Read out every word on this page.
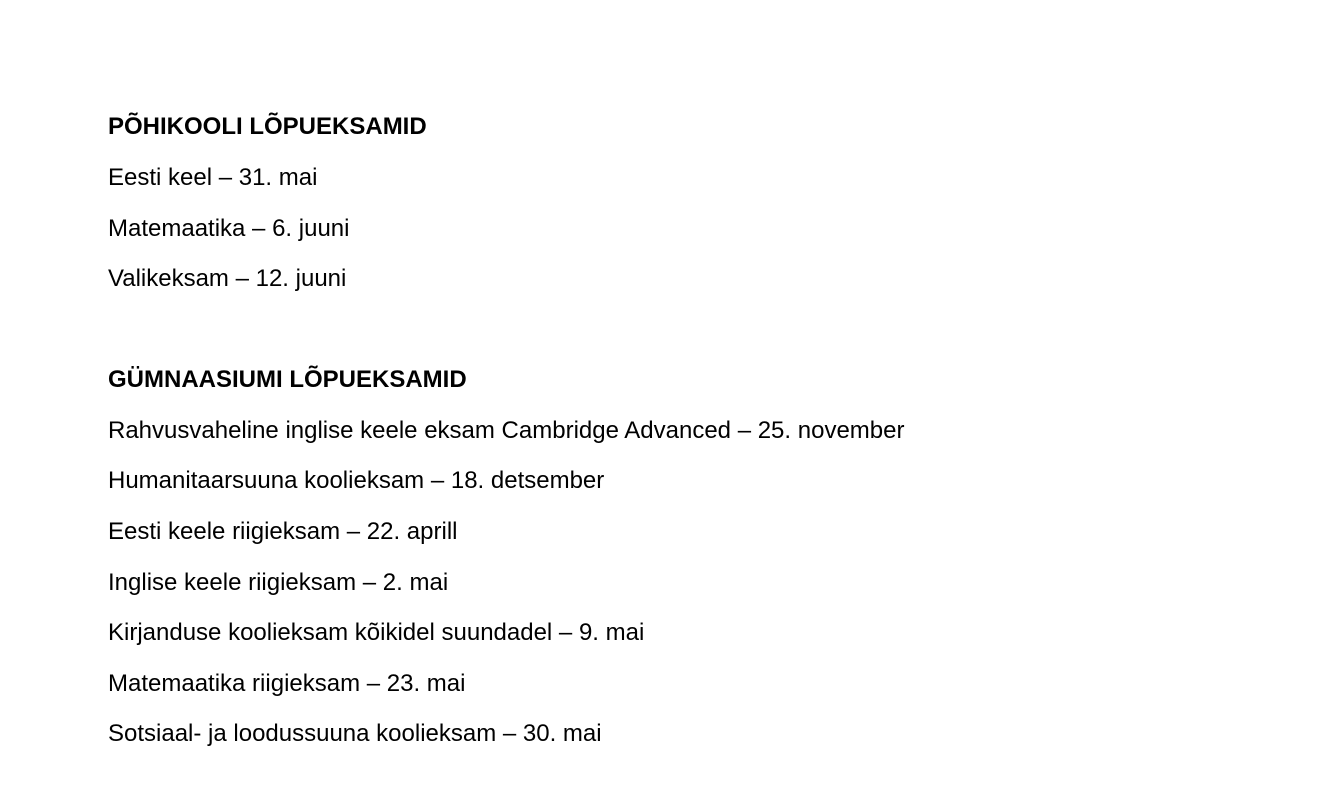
PÕHIKOOLI LÕPUEKSAMID
Eesti keel – 31. mai
Matemaatika – 6. juuni
Valikeksam – 12. juuni
GÜMNAASIUMI LÕPUEKSAMID
Rahvusvaheline inglise keele eksam Cambridge Advanced – 25. november
Humanitaarsuuna koolieksam – 18. detsember
Eesti keele riigieksam – 22. aprill
Inglise keele riigieksam – 2. mai
Kirjanduse koolieksam kõikidel suundadel – 9. mai
Matemaatika riigieksam – 23. mai
Sotsiaal- ja loodussuuna koolieksam – 30. mai
